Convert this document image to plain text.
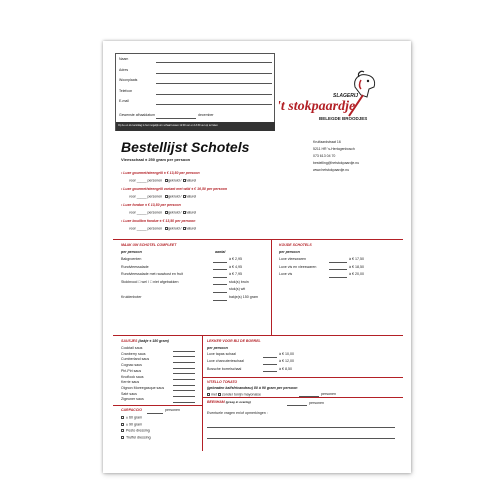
Naam
Adres
Woonplaats
Telefoon
E-mail
Gewenste afhaaldatum	december
Op 1e en 2e kerstdag is het mogelijk om schaal tussen 12:00 uur en 13:30 uur op te halen
SLAGERIJ
't stokpaardje
BELEGDE BROODJES
Kruifaardstraat 16
5211 HR 's-Hertogenbosch
073 613 04 70
bestelling@hetstokpaardje.nu
www.hetstokpaardje.nu
Bestellijst Schotels
Vleesschaal ± 250 gram per persoon
• Luxe gourmet/steengrill ± € 13,50 per persoon
voor _____ personen gekruid / naturel
• Luxe gourmet/steengrill variant met wild ± € 16,50 per persoon
voor _____ personen gekruid / naturel
• Luxe fondue ± € 13,50 per persoon
voor _____ personen gekruid / naturel
• Luxe bouillon fondue ± € 13,50 per persoon
voor _____ personen gekruid / naturel
MAAK UW SCHOTEL COMPLEET
per persoon	aantal
Bakgroenten	à € 2,95
Rundvleessalade	à € 4,95
Rundvleessalade met rauwkost en fruit	à € 7,95
Stokbrood □ wel / □ niet afgebakken	stuk(s) bruin
stuk(s) wit
Kruidenboter	bakje(s) 150 gram
KOUDE SCHOTELS
per persoon
Luxe vleeswaren	à € 17,50
Luxe vis en vleeswaren	à € 18,50
Luxe vis	à € 20,00
SAUSJES (bakje ± 180 gram)
Cocktail saus
Cranberry saus
Cumberland saus
Cognac saus
Piri-Piri saus
Knoflook saus
Kerrie saus
Oignon Moreegasque saus
Saté saus
Zigeuner saus
LEKKER VOOR BIJ DE BORREL
per persoon
Luxe tapas schaal	à € 10,00
Luxe charcuterieschaal	à € 12,00
Bossche borrelschaal	à € 8,50
VITELLO TONATO
(gebraden kalfsfricandeau) 80 à 90 gram per persoon
met zonder tonijn mayonaise	personen
BEENHAM (graag in overleg)	personen
Eventuele vragen en/of opmerkingen :
CARPACCIO	personen
± 60 gram
± 90 gram
Pesto dressing
Truffel dressing
